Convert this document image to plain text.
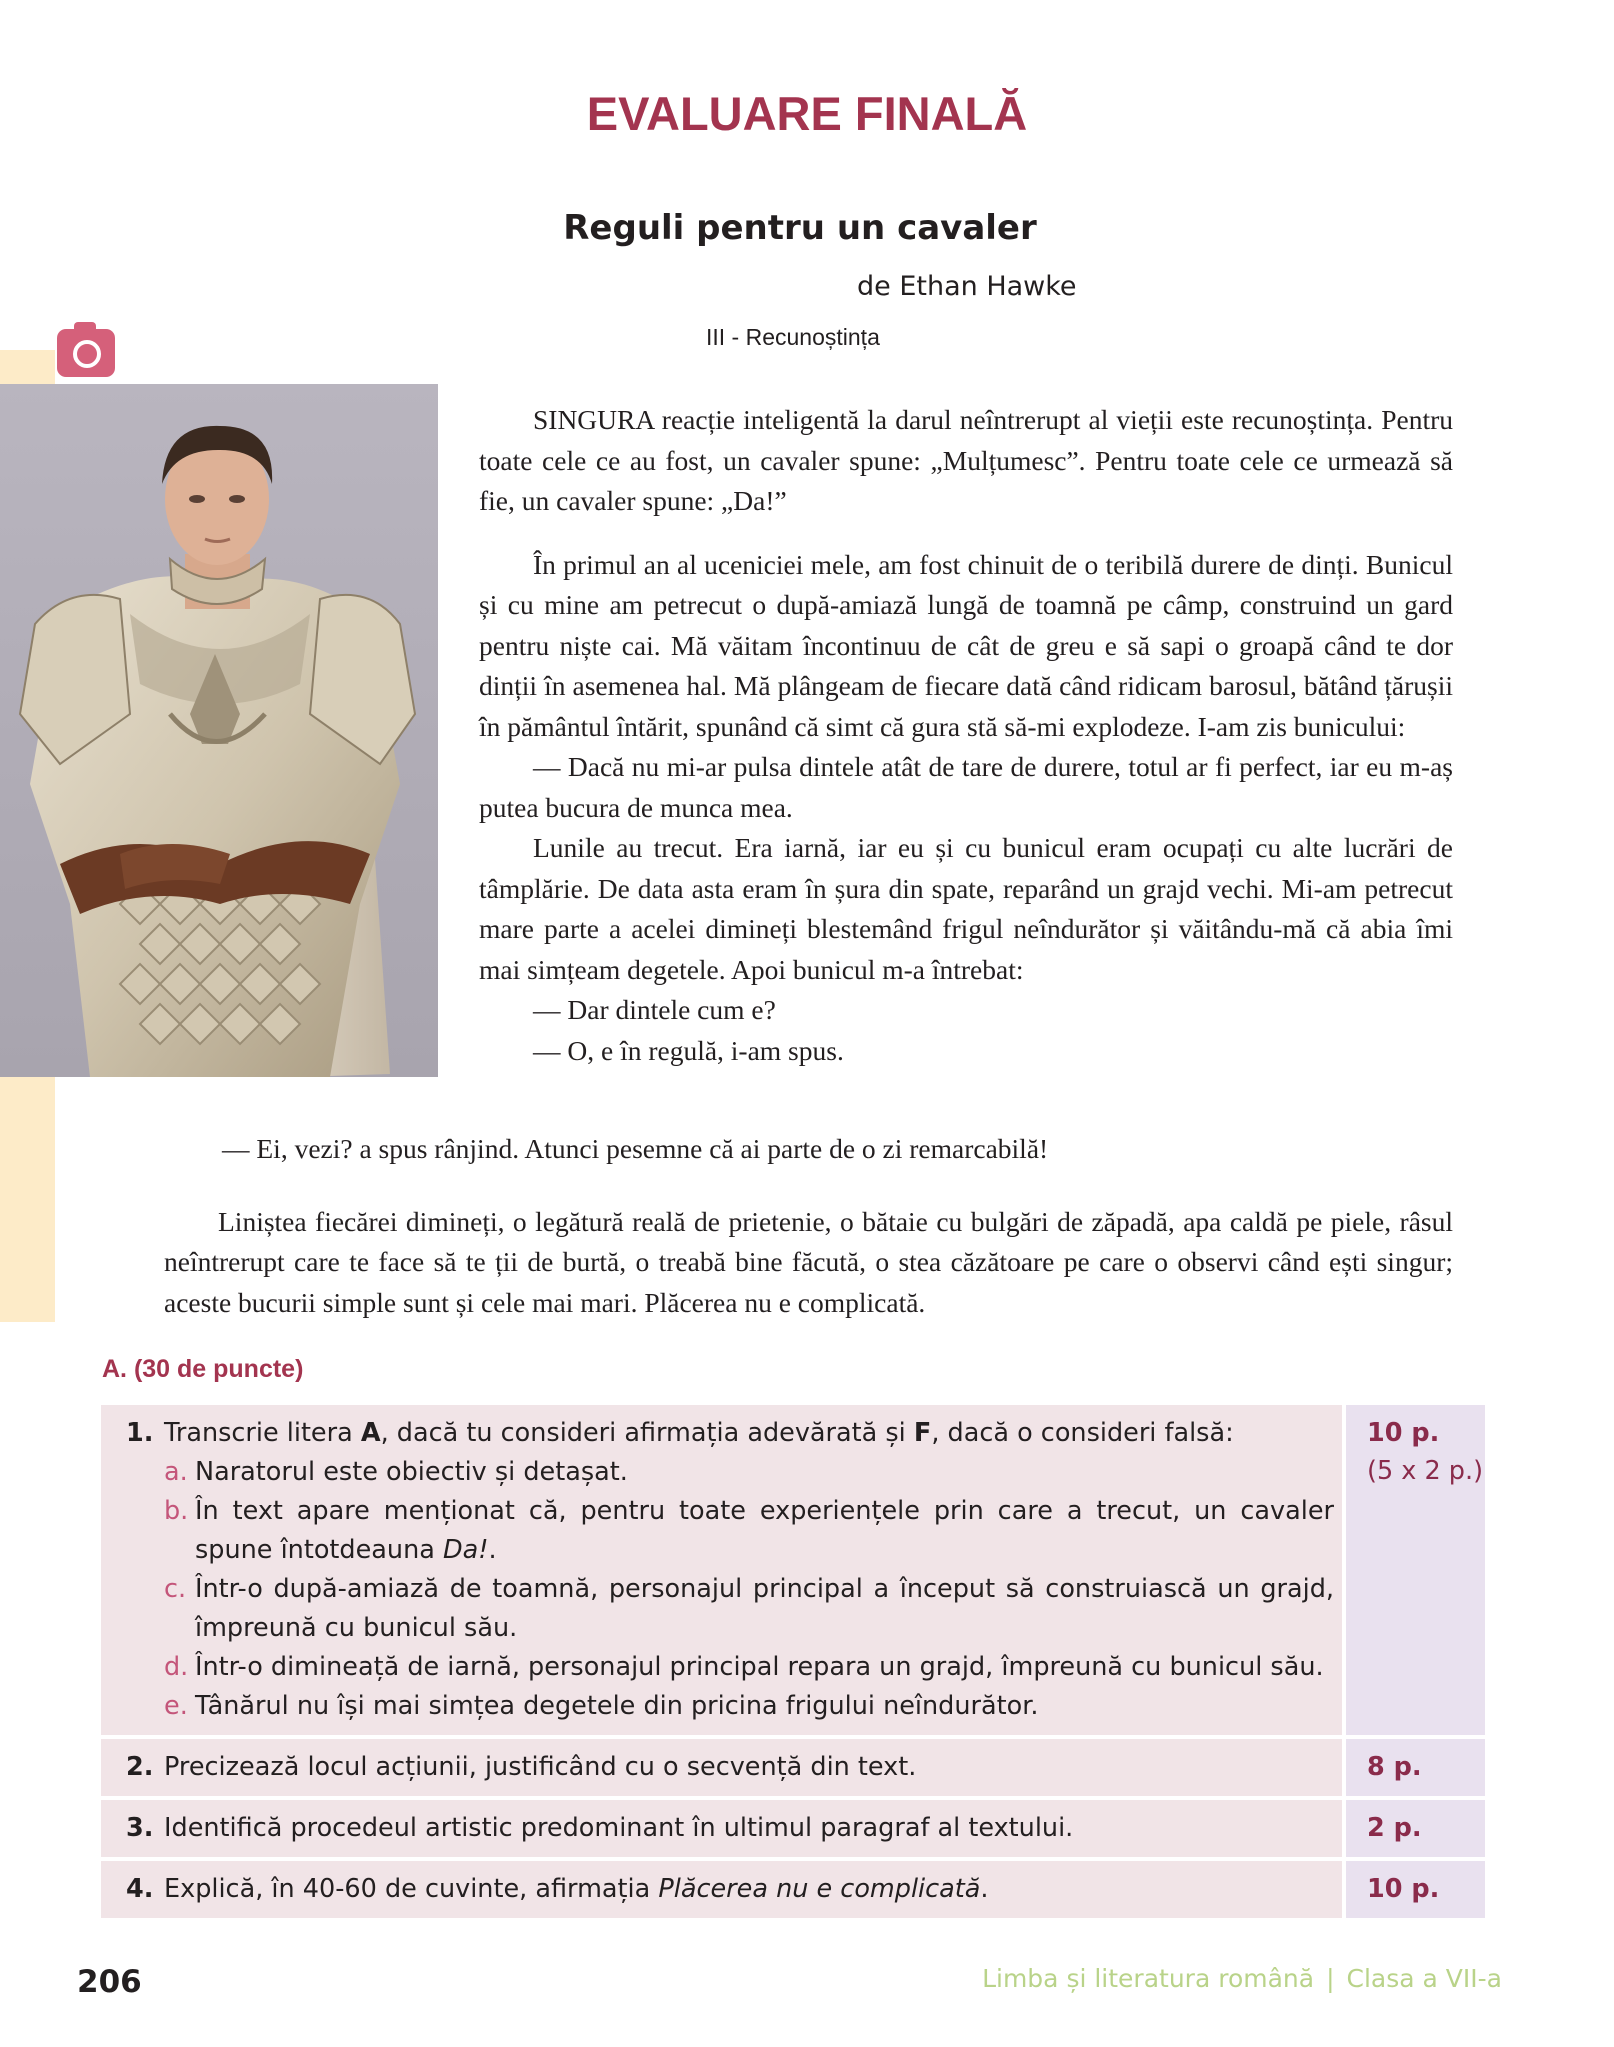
EVALUARE FINALĂ
Reguli pentru un cavaler
de Ethan Hawke
III - Recunoștința

SINGURA reacție inteligentă la darul neîntrerupt al vieții este recunoștința. Pentru toate cele ce au fost, un cavaler spune: „Mulțumesc”. Pentru toate cele ce urmează să fie, un cavaler spune: „Da!”

În primul an al uceniciei mele, am fost chinuit de o teribilă durere de dinți. Bunicul și cu mine am petrecut o după-amiază lungă de toamnă pe câmp, construind un gard pentru niște cai. Mă văitam încontinuu de cât de greu e să sapi o groapă când te dor dinții în asemenea hal. Mă plângeam de fiecare dată când ridicam barosul, bătând țărușii în pământul întărit, spunând că simt că gura stă să-mi explodeze. I-am zis bunicului:

— Dacă nu mi-ar pulsa dintele atât de tare de durere, totul ar fi perfect, iar eu m-aș putea bucura de munca mea.

Lunile au trecut. Era iarnă, iar eu și cu bunicul eram ocupați cu alte lucrări de tâmplărie. De data asta eram în șura din spate, reparând un grajd vechi. Mi-am petrecut mare parte a acelei dimineți blestemând frigul neîndurător și văitându-mă că abia îmi mai simțeam degetele. Apoi bunicul m-a întrebat:

— Dar dintele cum e?

— O, e în regulă, i-am spus.

— Ei, vezi? a spus rânjind. Atunci pesemne că ai parte de o zi remarcabilă!

Liniștea fiecărei dimineți, o legătură reală de prietenie, o bătaie cu bulgări de zăpadă, apa caldă pe piele, râsul neîntrerupt care te face să te ții de burtă, o treabă bine făcută, o stea căzătoare pe care o observi când ești singur; aceste bucurii simple sunt și cele mai mari. Plăcerea nu e complicată.

A. (30 de puncte)
1. Transcrie litera A, dacă tu consideri afirmația adevărată și F, dacă o consideri falsă:
a. Naratorul este obiectiv și detașat.
b. În text apare menționat că, pentru toate experiențele prin care a trecut, un cavaler spune întotdeauna Da!.
c. Într-o după-amiază de toamnă, personajul principal a început să construiască un grajd, împreună cu bunicul său.
d. Într-o dimineață de iarnă, personajul principal repara un grajd, împreună cu bunicul său.
e. Tânărul nu își mai simțea degetele din pricina frigului neîndurător.
10 p.
(5 x 2 p.)
2. Precizează locul acțiunii, justificând cu o secvență din text.	8 p.
3. Identifică procedeul artistic predominant în ultimul paragraf al textului.	2 p.
4. Explică, în 40-60 de cuvinte, afirmația Plăcerea nu e complicată.	10 p.
206	Limba și literatura română | Clasa a VII-a
